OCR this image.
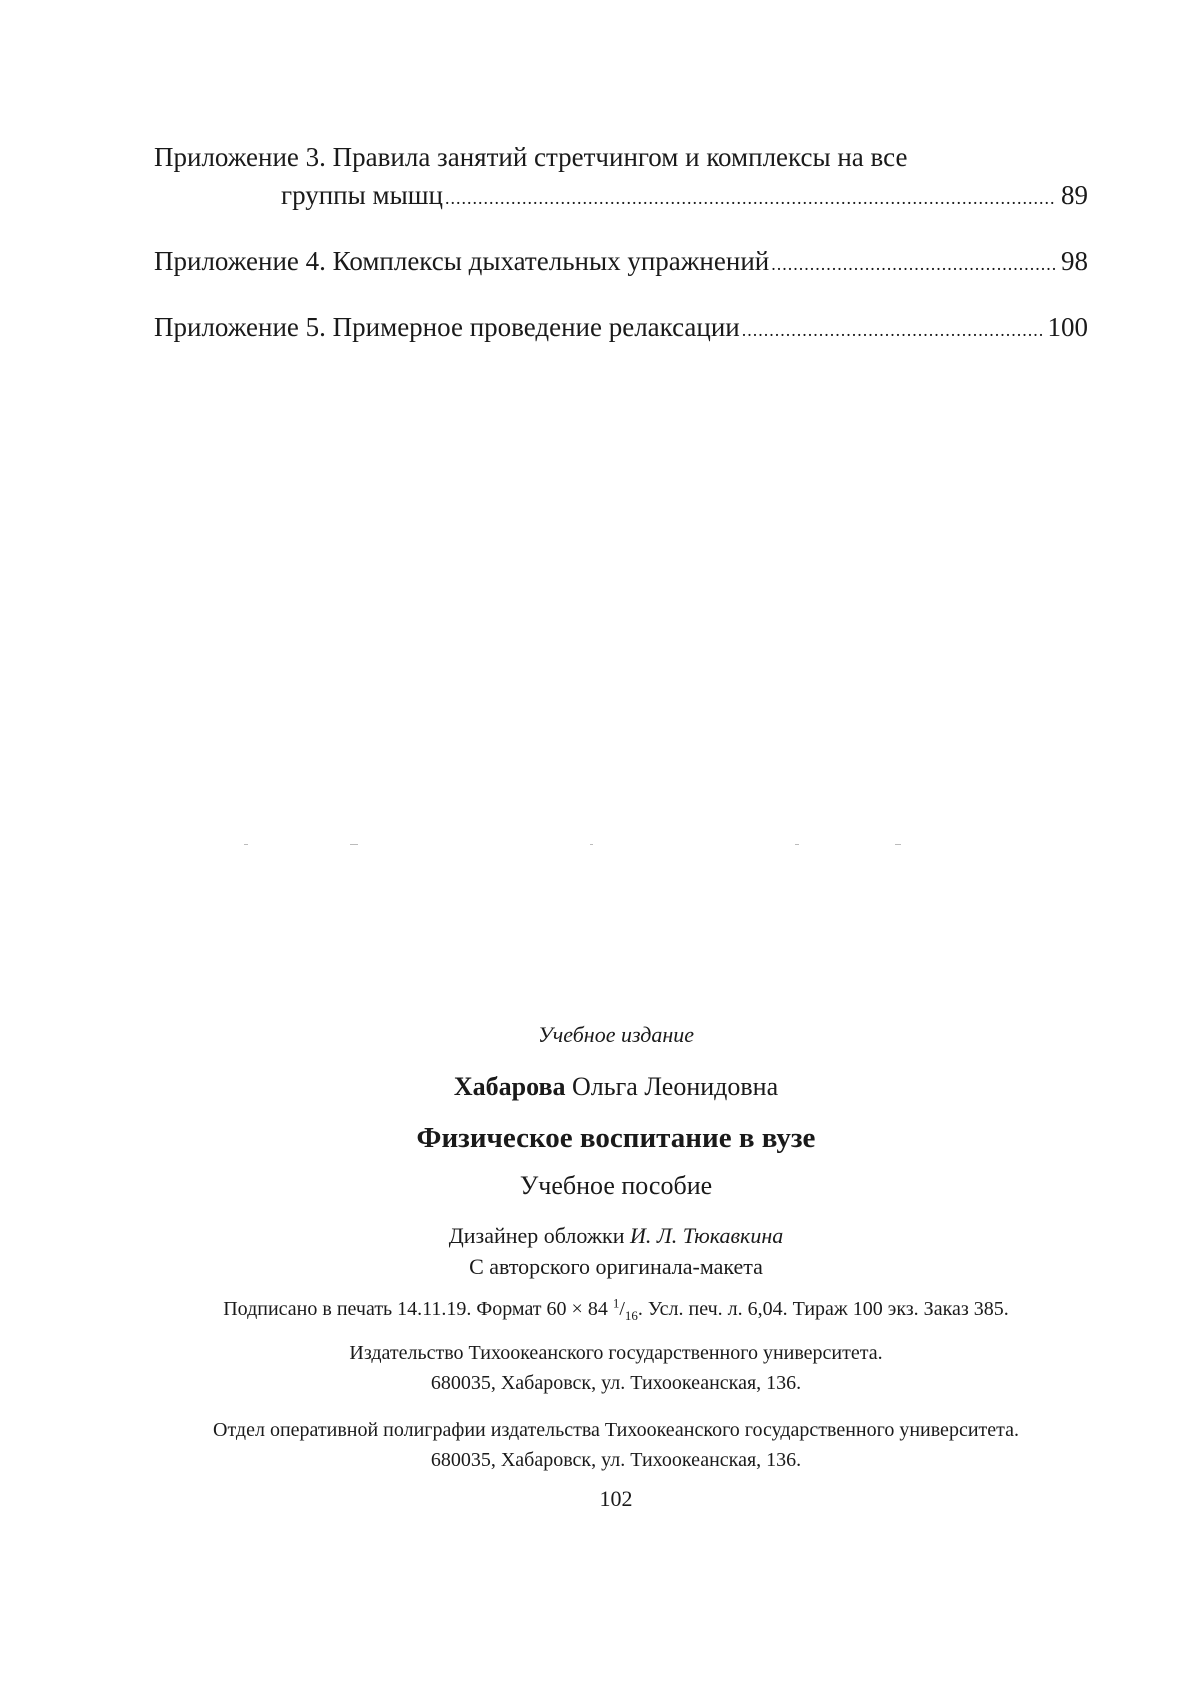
Приложение 3. Правила занятий стретчингом и комплексы на все
группы мышц .....	89
Приложение 4. Комплексы дыхательных упражнений .....	98
Приложение 5. Примерное проведение релаксации .....	100
Учебное издание
Хабарова Ольга Леонидовна
Физическое воспитание в вузе
Учебное пособие
Дизайнер обложки И. Л. Тюкавкина
С авторского оригинала-макета
Подписано в печать 14.11.19. Формат 60 × 84 $^1/_{16}$. Усл. печ. л. 6,04. Тираж 100 экз. Заказ 385.
Издательство Тихоокеанского государственного университета.
680035, Хабаровск, ул. Тихоокеанская, 136.
Отдел оперативной полиграфии издательства Тихоокеанского государственного университета.
680035, Хабаровск, ул. Тихоокеанская, 136.
102
